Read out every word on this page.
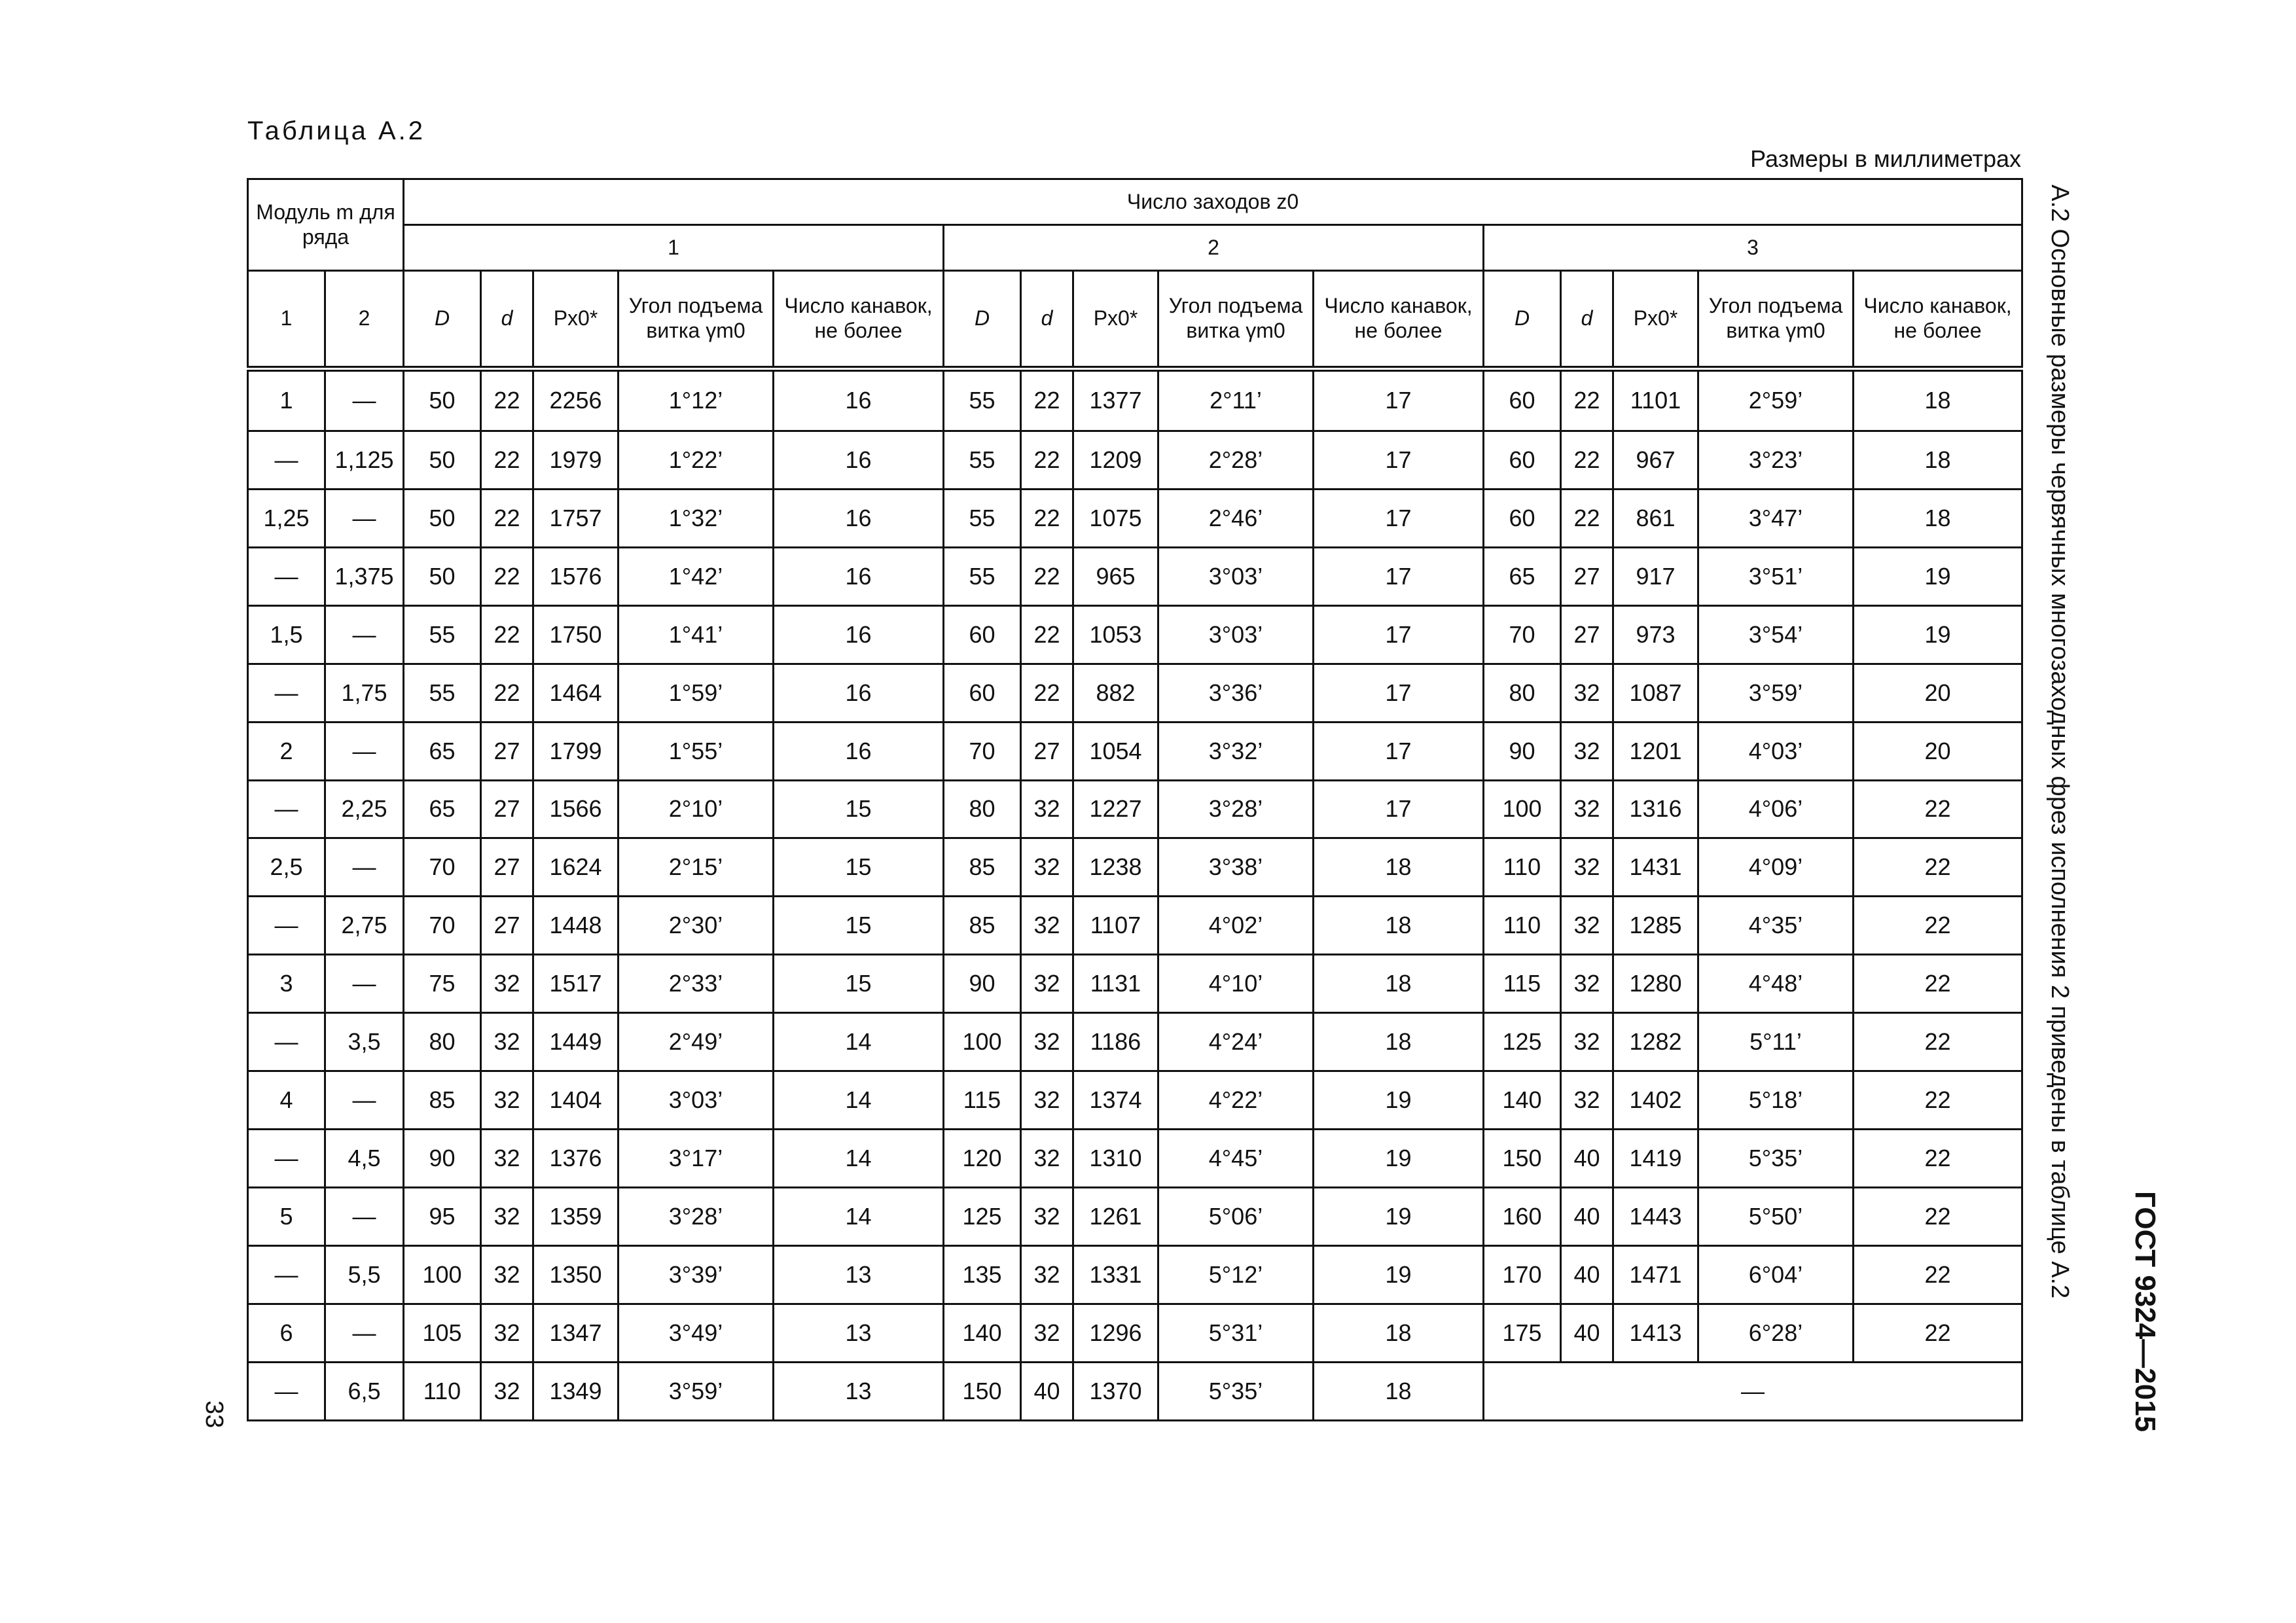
Таблица А.2
Размеры в миллиметрах
Модуль m для ряда		Число заходов z0														
		1					2					3				
1	2	D	d	Px0*	Угол подъема витка γm0	Число канавок, не более	D	d	Px0*	Угол подъема витка γm0	Число канавок, не более	D	d	Px0*	Угол подъема витка γm0	Число канавок, не более
1	—	50	22	2256	1°12’	16	55	22	1377	2°11’	17	60	22	1101	2°59’	18
—	1,125	50	22	1979	1°22’	16	55	22	1209	2°28’	17	60	22	967	3°23’	18
1,25	—	50	22	1757	1°32’	16	55	22	1075	2°46’	17	60	22	861	3°47’	18
—	1,375	50	22	1576	1°42’	16	55	22	965	3°03’	17	65	27	917	3°51’	19
1,5	—	55	22	1750	1°41’	16	60	22	1053	3°03’	17	70	27	973	3°54’	19
—	1,75	55	22	1464	1°59’	16	60	22	882	3°36’	17	80	32	1087	3°59’	20
2	—	65	27	1799	1°55’	16	70	27	1054	3°32’	17	90	32	1201	4°03’	20
—	2,25	65	27	1566	2°10’	15	80	32	1227	3°28’	17	100	32	1316	4°06’	22
2,5	—	70	27	1624	2°15’	15	85	32	1238	3°38’	18	110	32	1431	4°09’	22
—	2,75	70	27	1448	2°30’	15	85	32	1107	4°02’	18	110	32	1285	4°35’	22
3	—	75	32	1517	2°33’	15	90	32	1131	4°10’	18	115	32	1280	4°48’	22
—	3,5	80	32	1449	2°49’	14	100	32	1186	4°24’	18	125	32	1282	5°11’	22
4	—	85	32	1404	3°03’	14	115	32	1374	4°22’	19	140	32	1402	5°18’	22
—	4,5	90	32	1376	3°17’	14	120	32	1310	4°45’	19	150	40	1419	5°35’	22
5	—	95	32	1359	3°28’	14	125	32	1261	5°06’	19	160	40	1443	5°50’	22
—	5,5	100	32	1350	3°39’	13	135	32	1331	5°12’	19	170	40	1471	6°04’	22
6	—	105	32	1347	3°49’	13	140	32	1296	5°31’	18	175	40	1413	6°28’	22
—	6,5	110	32	1349	3°59’	13	150	40	1370	5°35’	18	—				
А.2 Основные размеры червячных многозаходных фрез исполнения 2 приведены в таблице А.2
ГОСТ 9324—2015
33
